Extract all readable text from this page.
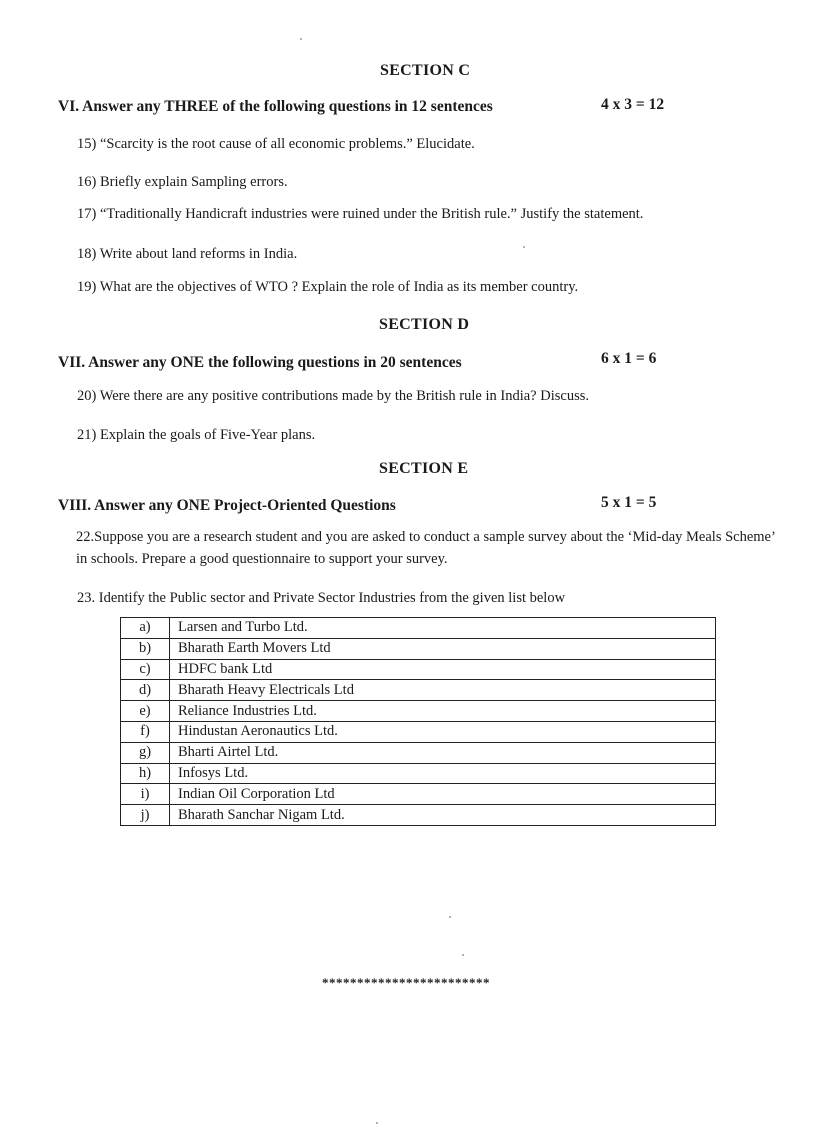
SECTION C
VI. Answer any THREE of the following questions in 12 sentences	4 x 3 = 12
15) “Scarcity is the root cause of all economic problems.” Elucidate.
16) Briefly explain Sampling errors.
17) “Traditionally Handicraft industries were ruined under the British rule.” Justify the statement.
18) Write about land reforms in India.
19) What are the objectives of WTO ? Explain the role of India as its member country.
SECTION D
VII. Answer any ONE the following questions in 20 sentences	6 x 1 = 6
20) Were there are any positive contributions made by the British rule in India? Discuss.
21) Explain the goals of Five-Year plans.
SECTION E
VIII. Answer any ONE Project-Oriented Questions	5 x 1 = 5
22.Suppose you are a research student and you are asked to conduct a sample survey about the ‘Mid-day Meals Scheme’ in schools. Prepare a good questionnaire to support your survey.
23. Identify the Public sector and Private Sector Industries from the given list below
a)	Larsen and Turbo Ltd.
b)	Bharath Earth Movers Ltd
c)	HDFC bank Ltd
d)	Bharath Heavy Electricals Ltd
e)	Reliance Industries Ltd.
f)	Hindustan Aeronautics Ltd.
g)	Bharti Airtel Ltd.
h)	Infosys Ltd.
i)	Indian Oil Corporation Ltd
j)	Bharath Sanchar Nigam Ltd.
************************
